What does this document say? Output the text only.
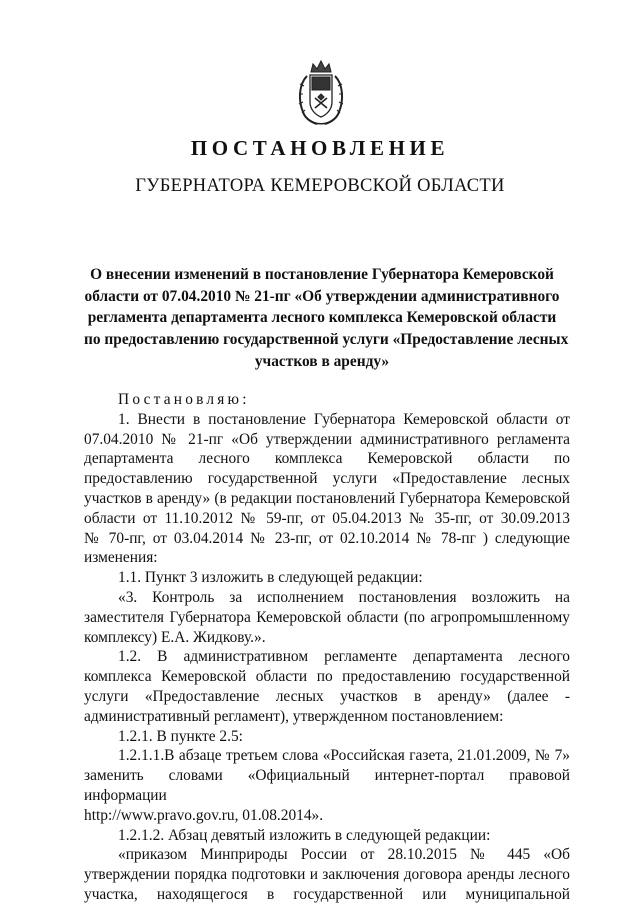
ПОСТАНОВЛЕНИЕ
ГУБЕРНАТОРА КЕМЕРОВСКОЙ ОБЛАСТИ
О внесении изменений в постановление Губернатора Кемеровской
области от 07.04.2010 № 21-пг «Об утверждении административного
регламента департамента лесного комплекса Кемеровской области
по предоставлению государственной услуги «Предоставление лесных
участков в аренду»
Постановляю:
1. Внести в постановление Губернатора Кемеровской области от
07.04.2010 № 21-пг «Об утверждении административного регламента
департамента лесного комплекса Кемеровской области по
предоставлению государственной услуги «Предоставление лесных
участков в аренду» (в редакции постановлений Губернатора Кемеровской
области от 11.10.2012 № 59-пг, от 05.04.2013 № 35-пг, от 30.09.2013
№ 70-пг, от 03.04.2014 № 23-пг, от 02.10.2014 № 78-пг ) следующие
изменения:
1.1. Пункт 3 изложить в следующей редакции:
«3. Контроль за исполнением постановления возложить на
заместителя Губернатора Кемеровской области (по агропромышленному
комплексу) Е.А. Жидкову.».
1.2. В административном регламенте департамента лесного
комплекса Кемеровской области по предоставлению государственной
услуги «Предоставление лесных участков в аренду» (далее -
административный регламент), утвержденном постановлением:
1.2.1. В пункте 2.5:
1.2.1.1.В абзаце третьем слова «Российская газета, 21.01.2009, № 7»
заменить словами «Официальный интернет-портал правовой информации
http://www.pravo.gov.ru, 01.08.2014».
1.2.1.2. Абзац девятый изложить в следующей редакции:
«приказом Минприроды России от 28.10.2015 № 445 «Об
утверждении порядка подготовки и заключения договора аренды лесного
участка, находящегося в государственной или муниципальной
